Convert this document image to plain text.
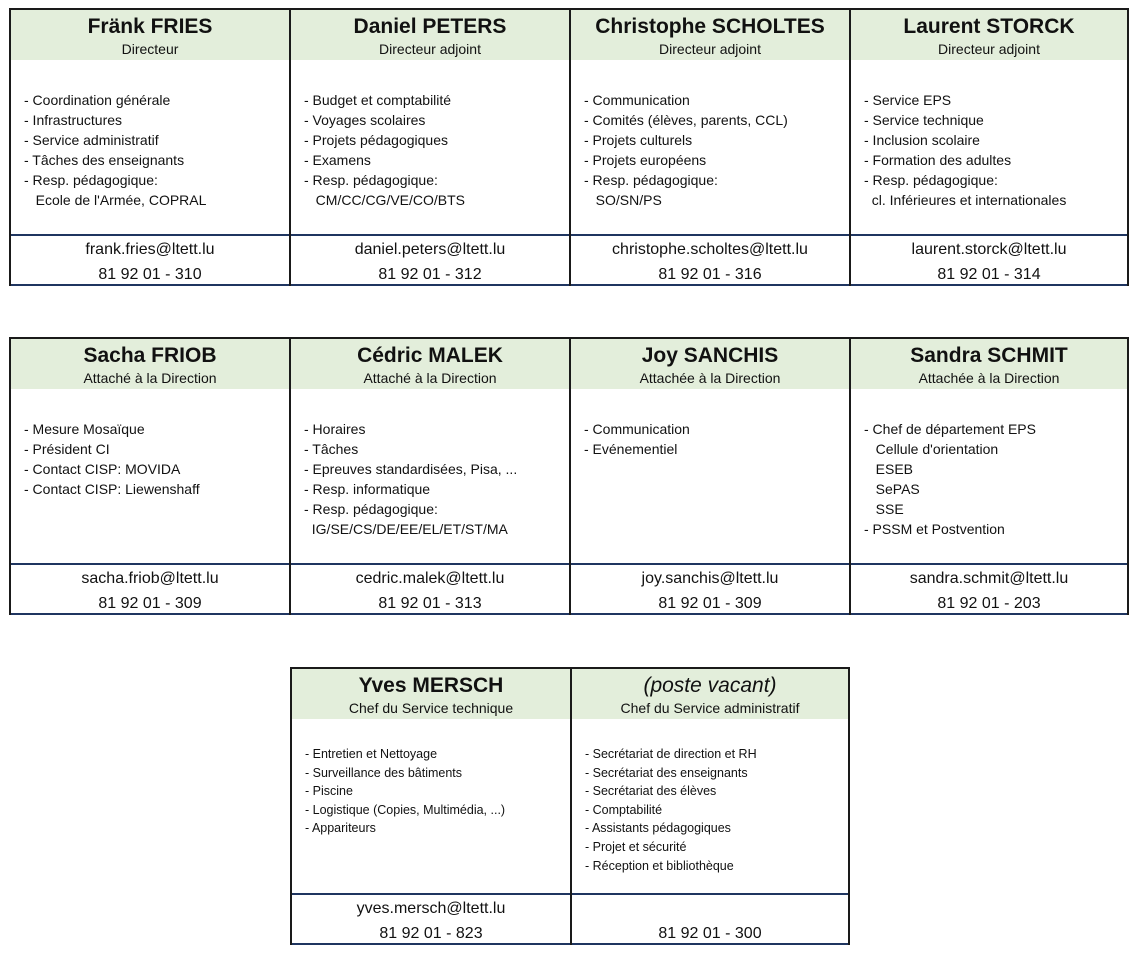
Fränk FRIES
Directeur
- Coordination générale
- Infrastructures
- Service administratif
- Tâches des enseignants
- Resp. pédagogique:
Ecole de l'Armée, COPRAL
frank.fries@ltett.lu
81 92 01 - 310
Daniel PETERS
Directeur adjoint
- Budget et comptabilité
- Voyages scolaires
- Projets pédagogiques
- Examens
- Resp. pédagogique:
CM/CC/CG/VE/CO/BTS
daniel.peters@ltett.lu
81 92 01 - 312
Christophe SCHOLTES
Directeur adjoint
- Communication
- Comités (élèves, parents, CCL)
- Projets culturels
- Projets européens
- Resp. pédagogique:
SO/SN/PS
christophe.scholtes@ltett.lu
81 92 01 - 316
Laurent STORCK
Directeur adjoint
- Service EPS
- Service technique
- Inclusion scolaire
- Formation des adultes
- Resp. pédagogique:
cl. Inférieures et internationales
laurent.storck@ltett.lu
81 92 01 - 314
Sacha FRIOB
Attaché à la Direction
- Mesure Mosaïque
- Président CI
- Contact CISP: MOVIDA
- Contact CISP: Liewenshaff
sacha.friob@ltett.lu
81 92 01 - 309
Cédric MALEK
Attaché à la Direction
- Horaires
- Tâches
- Epreuves standardisées, Pisa, ...
- Resp. informatique
- Resp. pédagogique:
IG/SE/CS/DE/EE/EL/ET/ST/MA
cedric.malek@ltett.lu
81 92 01 - 313
Joy SANCHIS
Attachée à la Direction
- Communication
- Evénementiel
joy.sanchis@ltett.lu
81 92 01 - 309
Sandra SCHMIT
Attachée à la Direction
- Chef de département EPS
Cellule d'orientation
ESEB
SePAS
SSE
- PSSM et Postvention
sandra.schmit@ltett.lu
81 92 01 - 203
Yves MERSCH
Chef du Service technique
- Entretien et Nettoyage
- Surveillance des bâtiments
- Piscine
- Logistique (Copies, Multimédia, ...)
- Appariteurs
yves.mersch@ltett.lu
81 92 01 - 823
(poste vacant)
Chef du Service administratif
- Secrétariat de direction et RH
- Secrétariat des enseignants
- Secrétariat des élèves
- Comptabilité
- Assistants pédagogiques
- Projet et sécurité
- Réception et bibliothèque
81 92 01 - 300
